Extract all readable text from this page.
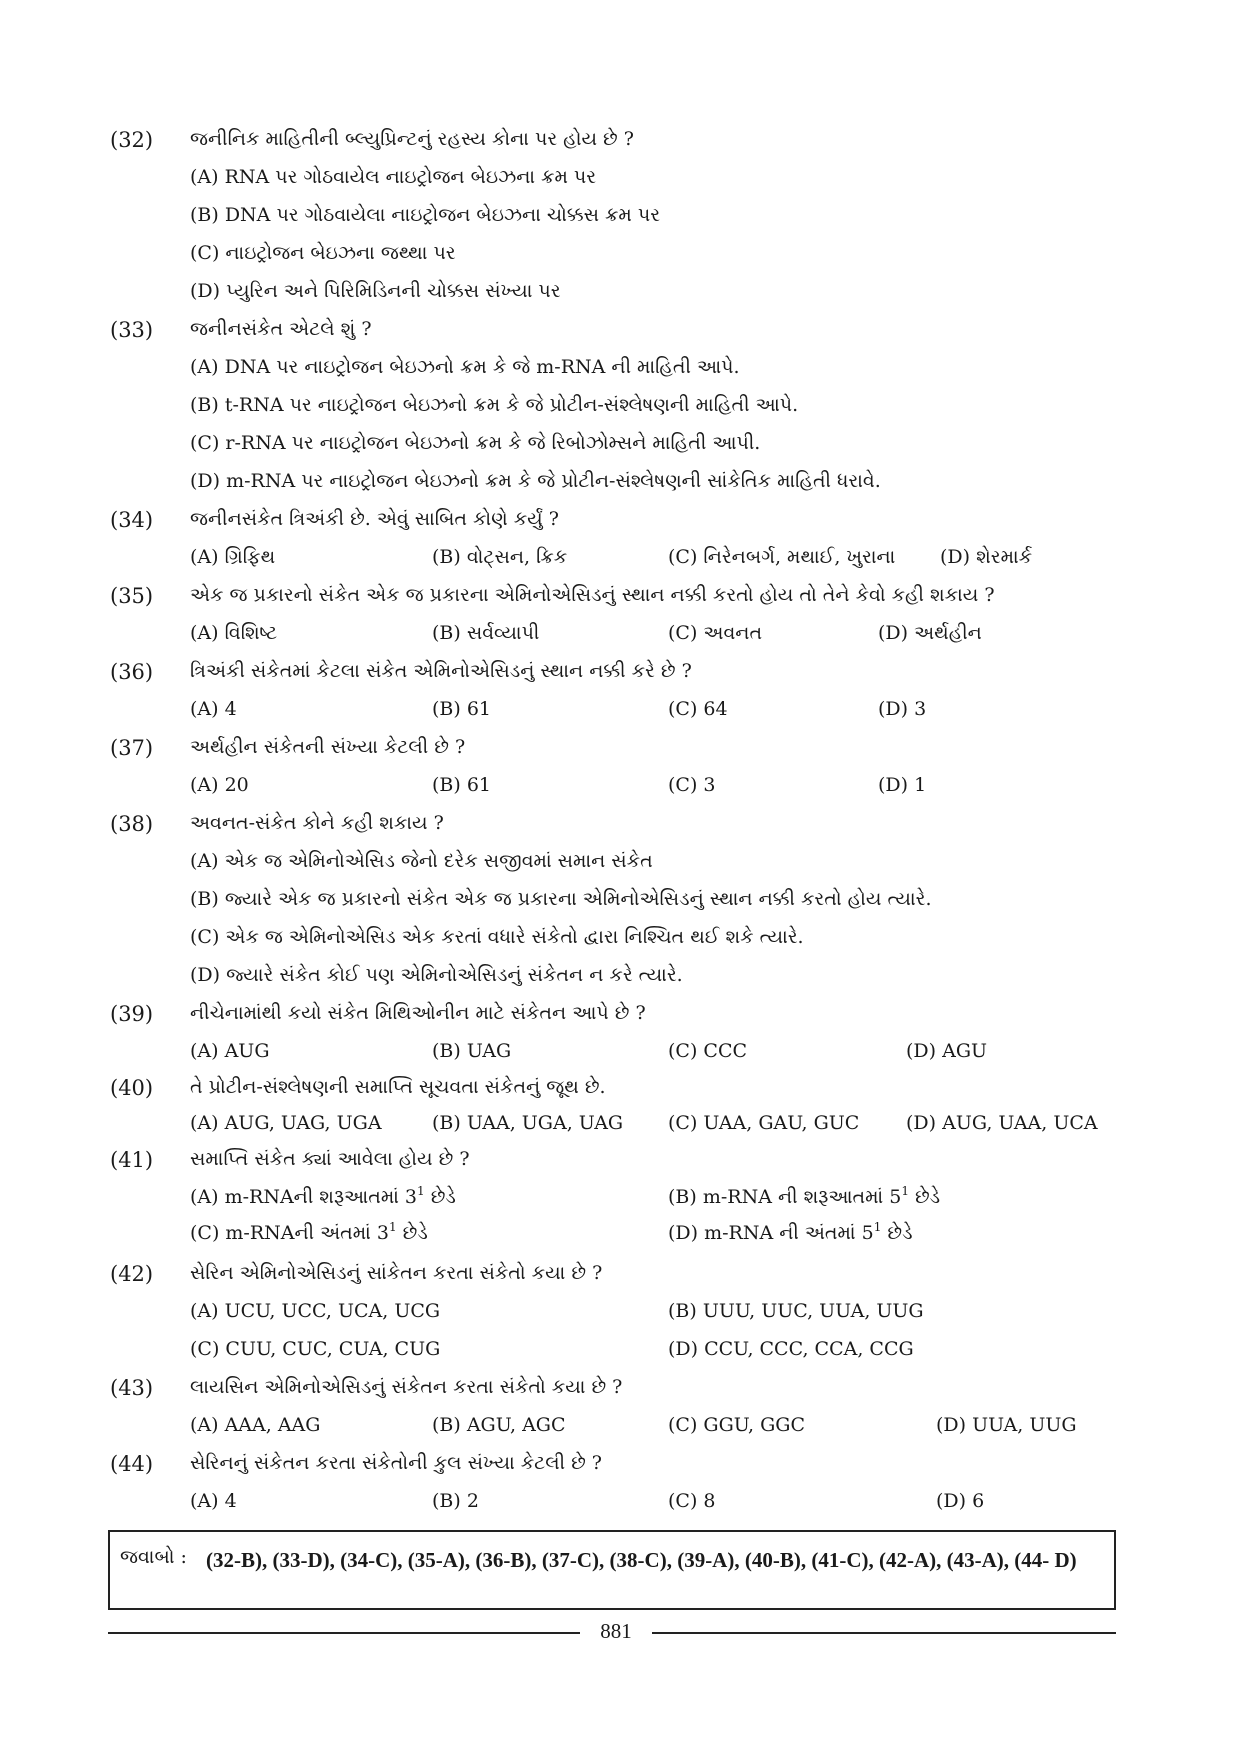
(32)	જનીનિક માહિતીની બ્લ્યુપ્રિન્ટનું રહસ્ય કોના પર હોય છે ?
(A) RNA પર ગોઠવાયેલ નાઇટ્રોજન બેઇઝના ક્રમ પર
(B) DNA પર ગોઠવાયેલા નાઇટ્રોજન બેઇઝના ચોક્કસ ક્રમ પર
(C) નાઇટ્રોજન બેઇઝના જથ્થા પર
(D) પ્યુરિન અને પિરિમિડિનની ચોક્કસ સંખ્યા પર
(33)	જનીનસંકેત એટલે શું ?
(A) DNA પર નાઇટ્રોજન બેઇઝનો ક્રમ કે જે m-RNA ની માહિતી આપે.
(B) t-RNA પર નાઇટ્રોજન બેઇઝનો ક્રમ કે જે પ્રોટીન-સંશ્લેષણની માહિતી આપે.
(C) r-RNA પર નાઇટ્રોજન બેઇઝનો ક્રમ કે જે રિબોઝોમ્સને માહિતી આપી.
(D) m-RNA પર નાઇટ્રોજન બેઇઝનો ક્રમ કે જે પ્રોટીન-સંશ્લેષણની સાંકેતિક માહિતી ધરાવે.
(34)	જનીનસંકેત ત્રિઅંકી છે. એવું સાબિત કોણે કર્યું ?
(A) ગ્રિફિથ	(B) વોટ્સન, ક્રિક	(C) નિરેનબર્ગ, મથાઈ, ખુરાના (D) શેરમાર્ક
(35)	એક જ પ્રકારનો સંકેત એક જ પ્રકારના એમિનોએસિડનું સ્થાન નક્કી કરતો હોય તો તેને કેવો કહી શકાય ?
(A) વિશિષ્ટ	(B) સર્વવ્યાપી	(C) અવનત	(D) અર્થહીન
(36)	ત્રિઅંકી સંકેતમાં કેટલા સંકેત એમિનોએસિડનું સ્થાન નક્કી કરે છે ?
(A) 4	(B) 61	(C) 64	(D) 3
(37)	અર્થહીન સંકેતની સંખ્યા કેટલી છે ?
(A) 20	(B) 61	(C) 3	(D) 1
(38)	અવનત-સંકેત કોને કહી શકાય ?
(A) એક જ એમિનોએસિડ જેનો દરેક સજીવમાં સમાન સંકેત
(B) જ્યારે એક જ પ્રકારનો સંકેત એક જ પ્રકારના એમિનોએસિડનું સ્થાન નક્કી કરતો હોય ત્યારે.
(C) એક જ એમિનોએસિડ એક કરતાં વધારે સંકેતો દ્વારા નિશ્ચિત થઈ શકે ત્યારે.
(D) જ્યારે સંકેત કોઈ પણ એમિનોએસિડનું સંકેતન ન કરે ત્યારે.
(39)	નીચેનામાંથી કયો સંકેત મિથિઓનીન માટે સંકેતન આપે છે ?
(A) AUG	(B) UAG	(C) CCC	(D) AGU
(40)	તે પ્રોટીન-સંશ્લેષણની સમાપ્તિ સૂચવતા સંકેતનું જૂથ છે.
(A) AUG, UAG, UGA	(B) UAA, UGA, UAG (C) UAA, GAU, GUC (D) AUG, UAA, UCA
(41)	સમાપ્તિ સંકેત ક્યાં આવેલા હોય છે ?
(A) m-RNAની શરૂઆતમાં $3^1$ છેડે	(B) m-RNA ની શરૂઆતમાં $5^1$ છેડે
(C) m-RNAની અંતમાં $3^1$ છેડે	(D) m-RNA ની અંતમાં $5^1$ છેડે
(42)	સેરિન એમિનોએસિડનું સાંકેતન કરતા સંકેતો કયા છે ?
(A) UCU, UCC, UCA, UCG	(B) UUU, UUC, UUA, UUG
(C) CUU, CUC, CUA, CUG	(D) CCU, CCC, CCA, CCG
(43)	લાયસિન એમિનોએસિડનું સંકેતન કરતા સંકેતો કયા છે ?
(A) AAA, AAG	(B) AGU, AGC	(C) GGU, GGC	(D) UUA, UUG
(44)	સેરિનનું સંકેતન કરતા સંકેતોની કુલ સંખ્યા કેટલી છે ?
(A) 4	(B) 2	(C) 8	(D) 6
જવાબો : (32-B), (33-D), (34-C), (35-A), (36-B), (37-C), (38-C), (39-A), (40-B), (41-C), (42-A), (43-A), (44- D)
881
